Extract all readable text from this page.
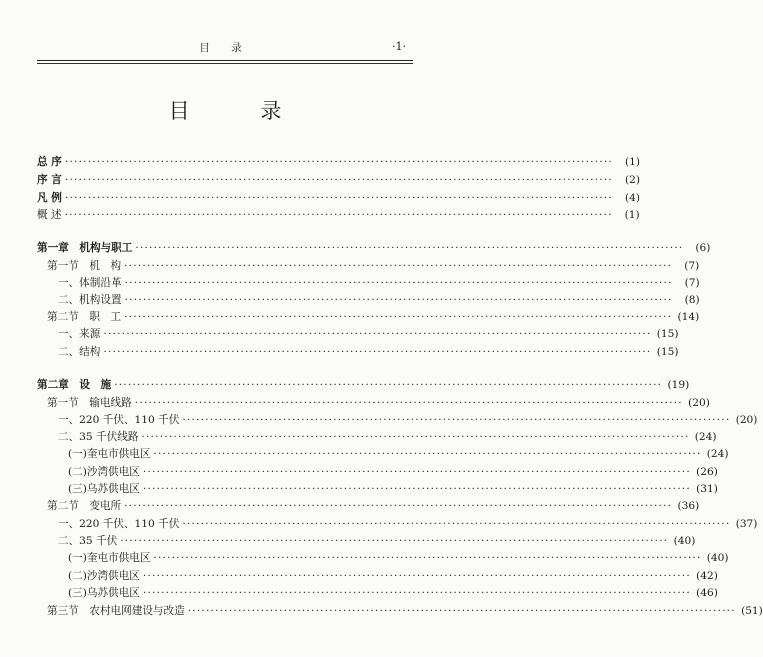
目 录	·1·
目 录
总 序 ························································································································	(1)
序 言 ························································································································	(2)
凡 例 ························································································································	(4)
概 述 ························································································································	(1)
第一章　机构与职工 ························································································································	(6)
第一节　机　构 ························································································································	(7)
一、体制沿革 ························································································································	(7)
二、机构设置 ························································································································	(8)
第二节　职　工 ························································································································ (14)
一、来源 ························································································································ (15)
二、结构 ························································································································ (15)
第二章　设　施 ························································································································ (19)
第一节　输电线路 ························································································································ (20)
一、220 千伏、110 千伏 ························································································································ (20)
二、35 千伏线路 ························································································································ (24)
(一)奎屯市供电区 ························································································································ (24)
(二)沙湾供电区 ························································································································ (26)
(三)乌苏供电区 ························································································································ (31)
第二节　变电所 ························································································································ (36)
一、220 千伏、110 千伏 ························································································································ (37)
二、35 千伏 ························································································································ (40)
(一)奎屯市供电区 ························································································································ (40)
(二)沙湾供电区 ························································································································ (42)
(三)乌苏供电区 ························································································································ (46)
第三节　农村电网建设与改造 ························································································································ (51)
